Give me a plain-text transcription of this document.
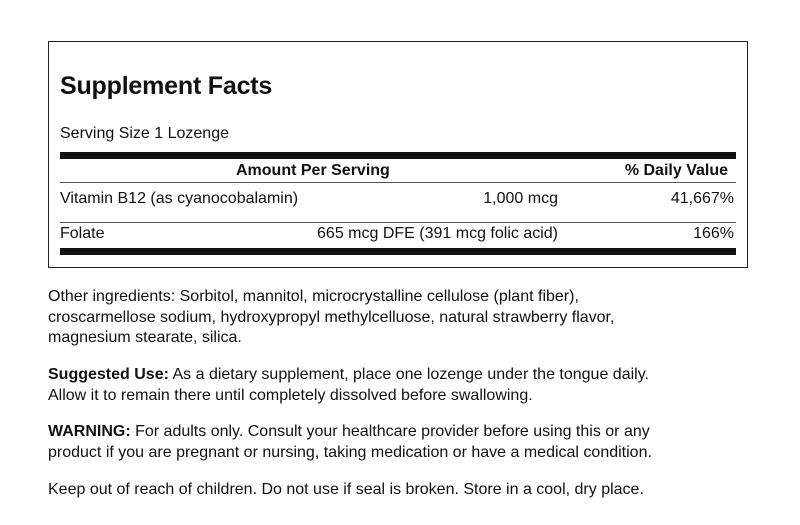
Supplement Facts
Serving Size 1 Lozenge
Amount Per Serving	% Daily Value
Vitamin B12 (as cyanocobalamin)	1,000 mcg	41,667%
Folate	665 mcg DFE (391 mcg folic acid)	166%
Other ingredients: Sorbitol, mannitol, microcrystalline cellulose (plant fiber),
croscarmellose sodium, hydroxypropyl methylcelluose, natural strawberry flavor,
magnesium stearate, silica.
Suggested Use: As a dietary supplement, place one lozenge under the tongue daily.
Allow it to remain there until completely dissolved before swallowing.
WARNING: For adults only. Consult your healthcare provider before using this or any
product if you are pregnant or nursing, taking medication or have a medical condition.
Keep out of reach of children. Do not use if seal is broken. Store in a cool, dry place.
